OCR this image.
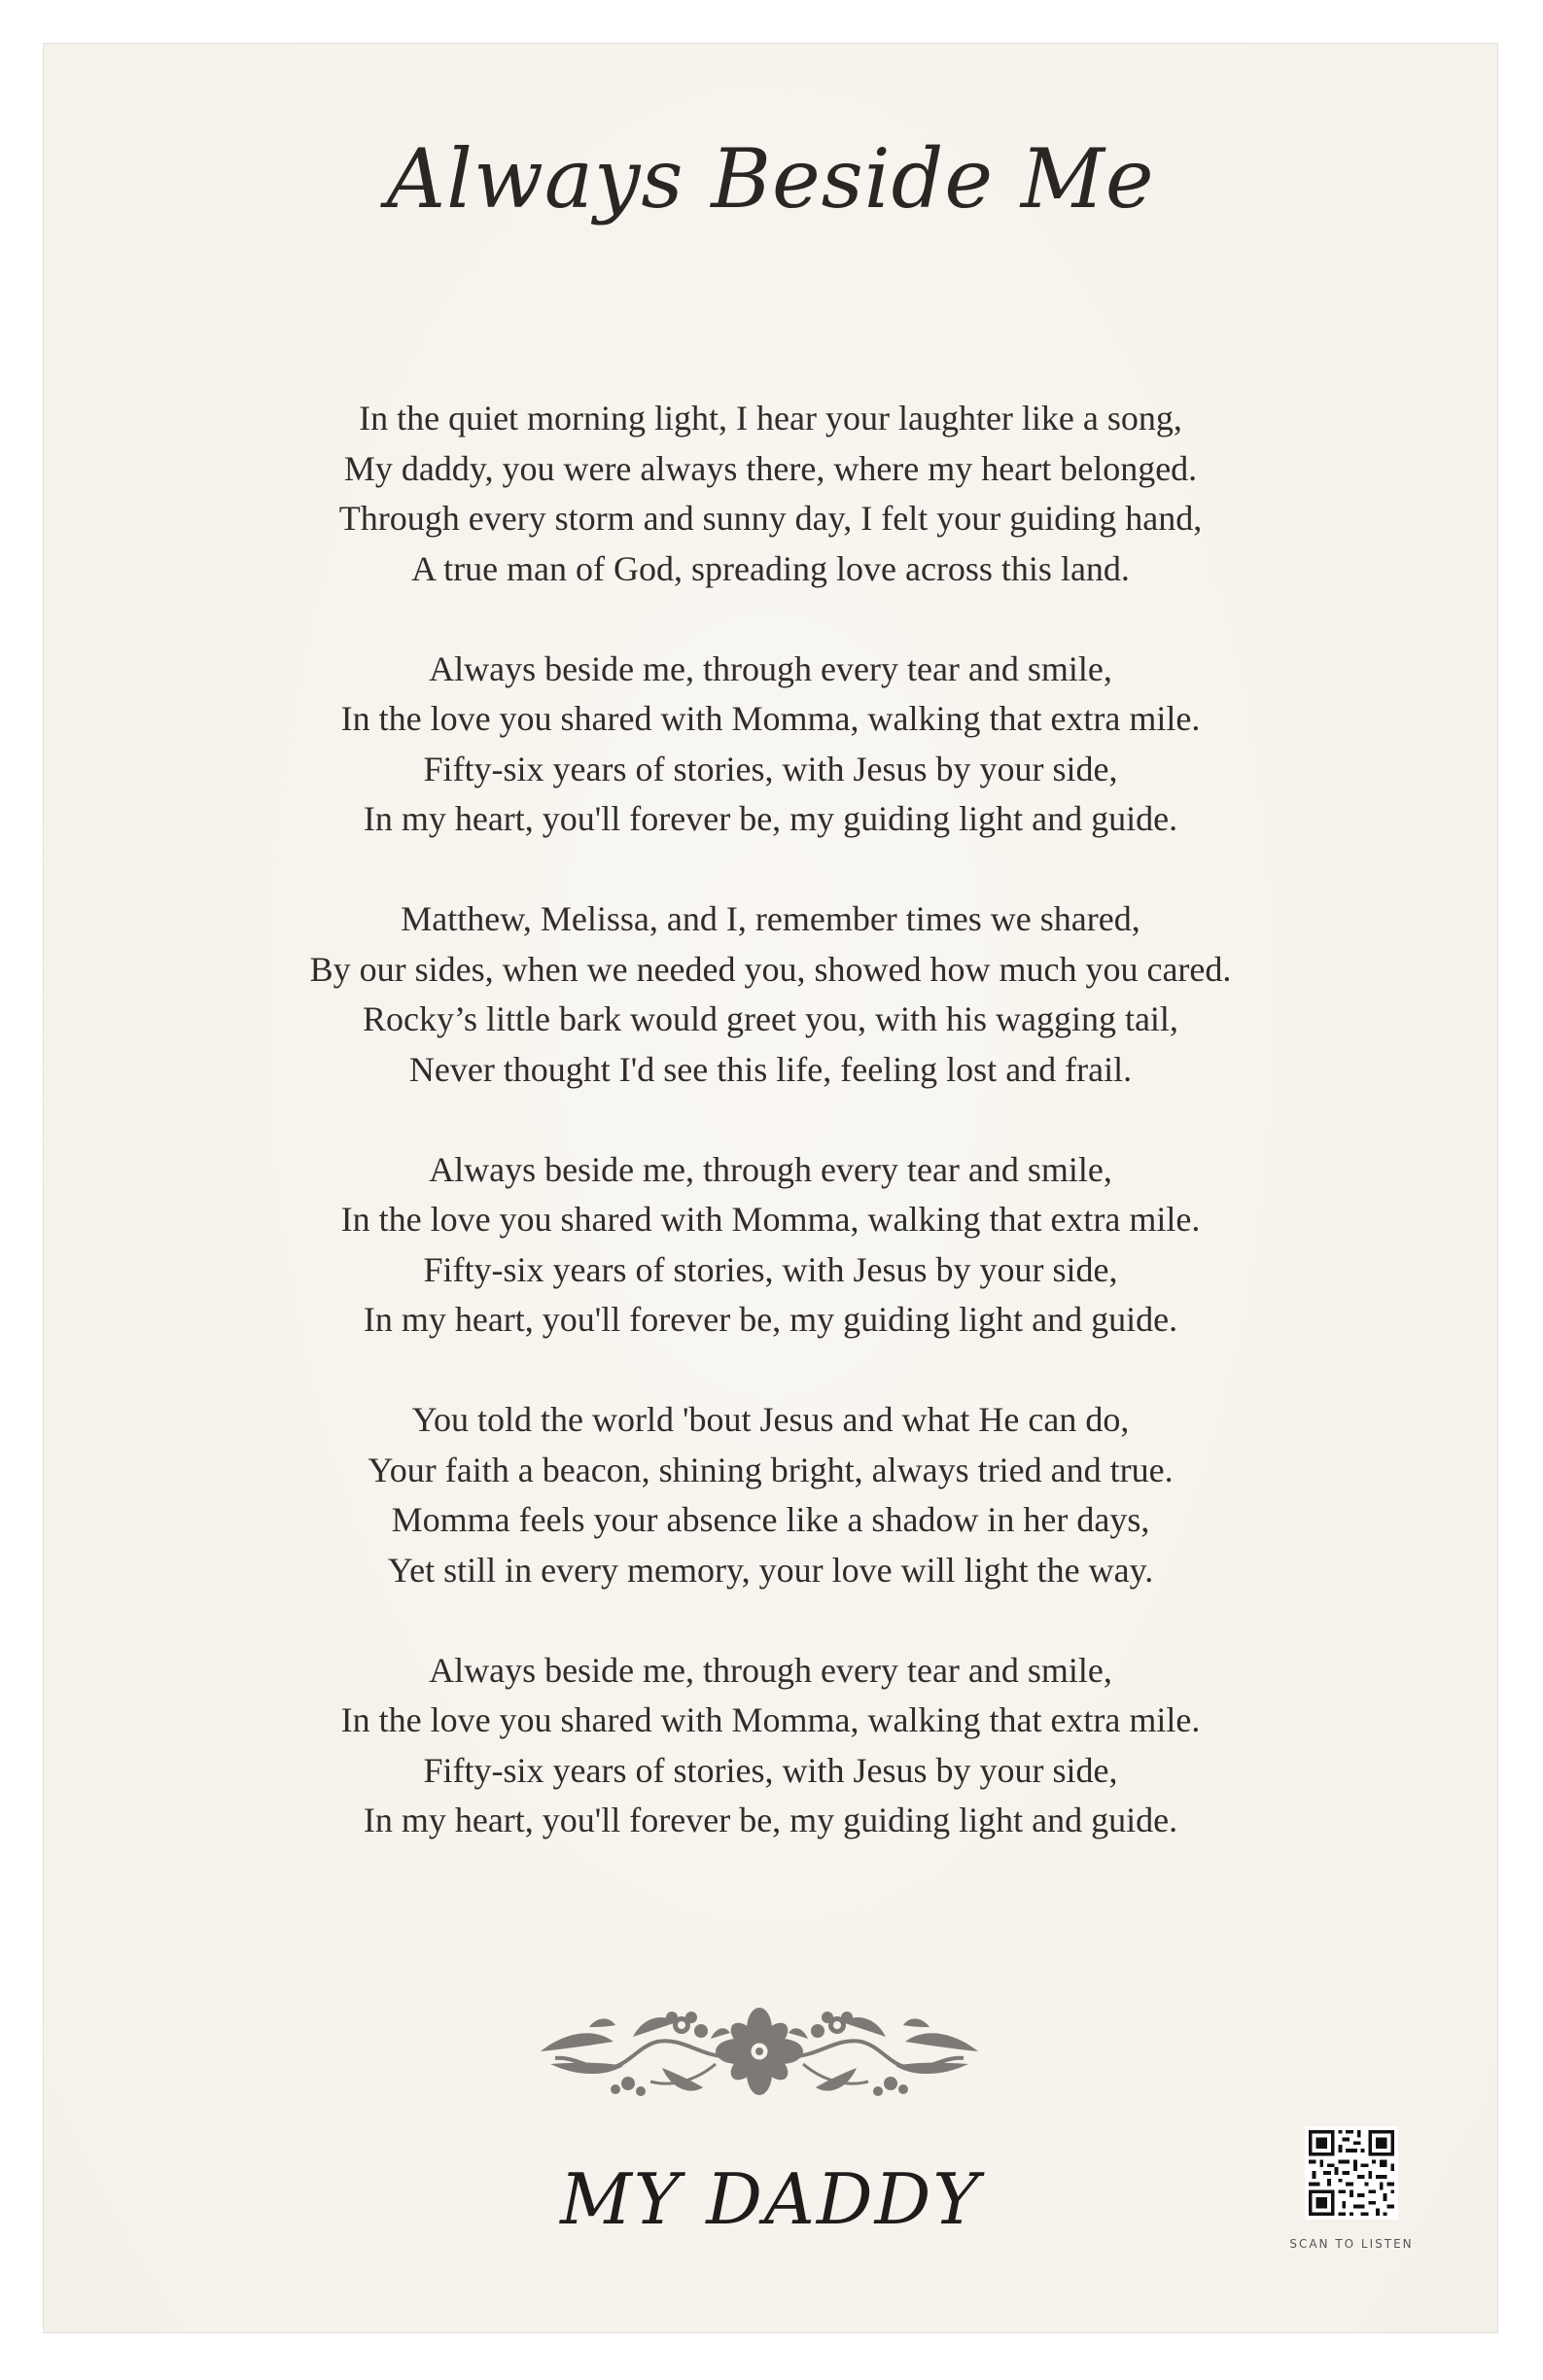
Always Beside Me
In the quiet morning light, I hear your laughter like a song,
My daddy, you were always there, where my heart belonged.
Through every storm and sunny day, I felt your guiding hand,
A true man of God, spreading love across this land.
Always beside me, through every tear and smile,
In the love you shared with Momma, walking that extra mile.
Fifty-six years of stories, with Jesus by your side,
In my heart, you'll forever be, my guiding light and guide.
Matthew, Melissa, and I, remember times we shared,
By our sides, when we needed you, showed how much you cared.
Rocky’s little bark would greet you, with his wagging tail,
Never thought I'd see this life, feeling lost and frail.
Always beside me, through every tear and smile,
In the love you shared with Momma, walking that extra mile.
Fifty-six years of stories, with Jesus by your side,
In my heart, you'll forever be, my guiding light and guide.
You told the world 'bout Jesus and what He can do,
Your faith a beacon, shining bright, always tried and true.
Momma feels your absence like a shadow in her days,
Yet still in every memory, your love will light the way.
Always beside me, through every tear and smile,
In the love you shared with Momma, walking that extra mile.
Fifty-six years of stories, with Jesus by your side,
In my heart, you'll forever be, my guiding light and guide.
MY DADDY
SCAN TO LISTEN
